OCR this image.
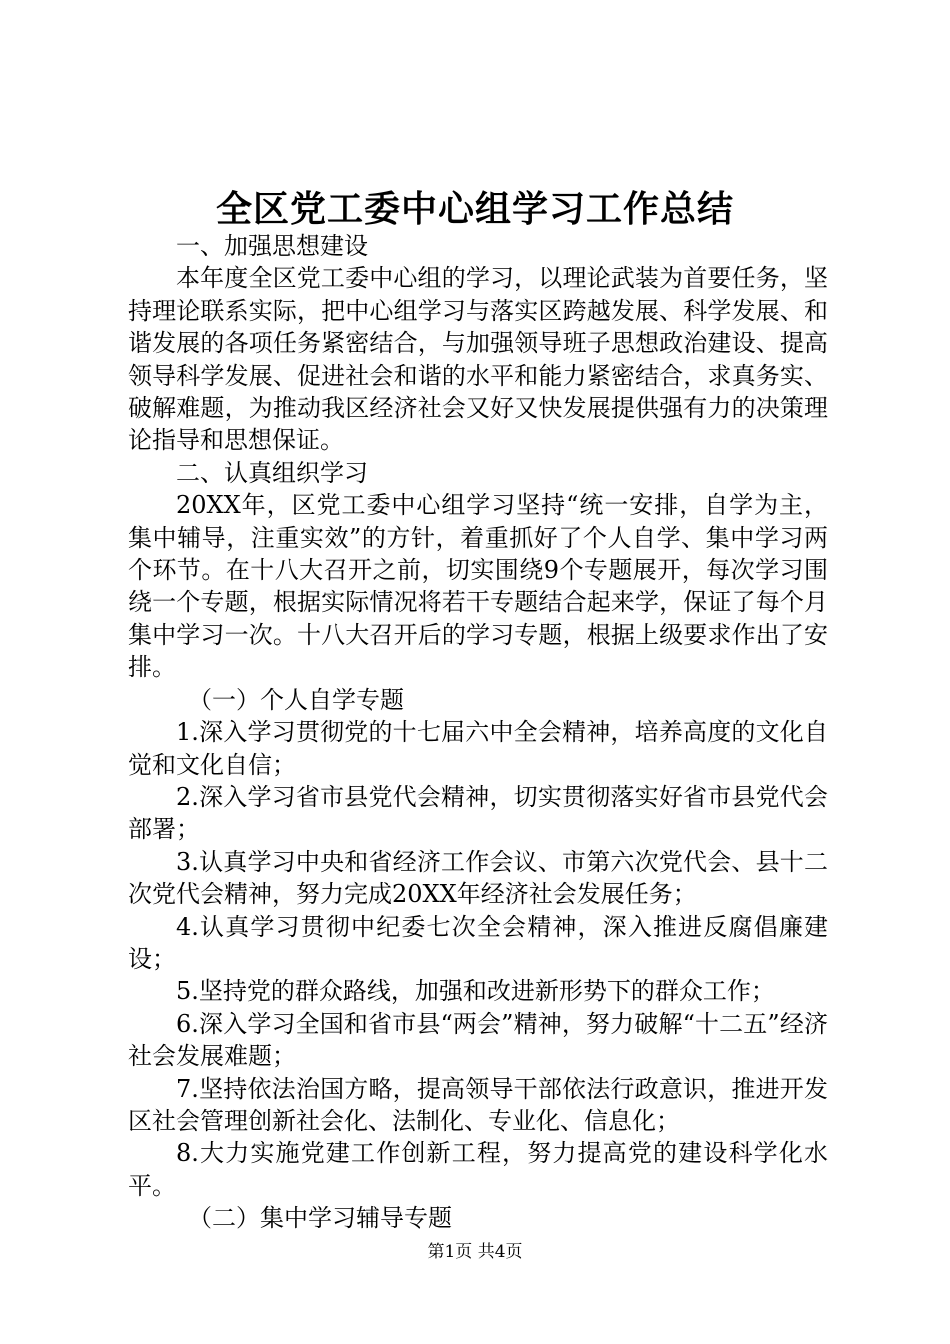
全区党工委中心组学习工作总结

一、加强思想建设

本年度全区党工委中心组的学习，以理论武装为首要任务，坚持理论联系实际，把中心组学习与落实区跨越发展、科学发展、和谐发展的各项任务紧密结合，与加强领导班子思想政治建设、提高领导科学发展、促进社会和谐的水平和能力紧密结合，求真务实、破解难题，为推动我区经济社会又好又快发展提供强有力的决策理论指导和思想保证。

二、认真组织学习

20XX年，区党工委中心组学习坚持“统一安排，自学为主，集中辅导，注重实效”的方针，着重抓好了个人自学、集中学习两个环节。在十八大召开之前，切实围绕9个专题展开，每次学习围绕一个专题，根据实际情况将若干专题结合起来学，保证了每个月集中学习一次。十八大召开后的学习专题，根据上级要求作出了安排。

（一）个人自学专题

1.深入学习贯彻党的十七届六中全会精神，培养高度的文化自觉和文化自信；

2.深入学习省市县党代会精神，切实贯彻落实好省市县党代会部署；

3.认真学习中央和省经济工作会议、市第六次党代会、县十二次党代会精神，努力完成20XX年经济社会发展任务；

4.认真学习贯彻中纪委七次全会精神，深入推进反腐倡廉建设；

5.坚持党的群众路线，加强和改进新形势下的群众工作；

6.深入学习全国和省市县“两会”精神，努力破解“十二五”经济社会发展难题；

7.坚持依法治国方略，提高领导干部依法行政意识，推进开发区社会管理创新社会化、法制化、专业化、信息化；

8.大力实施党建工作创新工程，努力提高党的建设科学化水平。

（二）集中学习辅导专题

第1页 共4页
